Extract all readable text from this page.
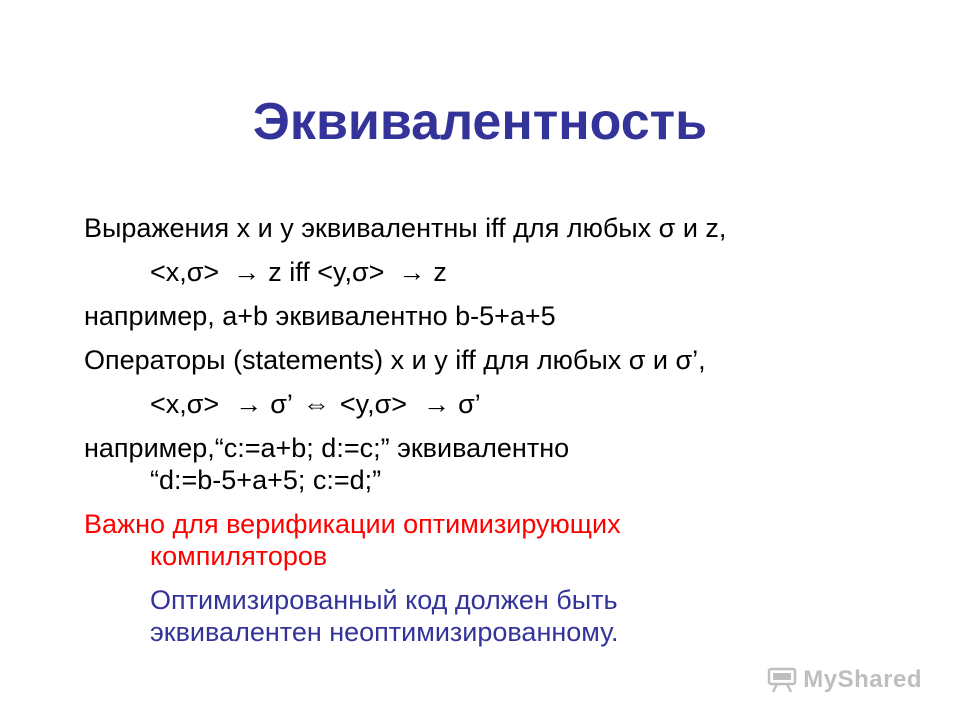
Эквивалентность
Выражения x и y эквивалентны iff для любых σ и z,
<x,σ> → z iff <y,σ> → z
например, a+b эквивалентно b-5+a+5
Операторы (statements) x и y iff для любых σ и σ’,
<x,σ> → σ’ ⇔ <y,σ> → σ’
например,“c:=a+b; d:=c;” эквивалентно
“d:=b-5+a+5; c:=d;”
Важно для верификации оптимизирующих
компиляторов
Оптимизированный код должен быть
эквивалентен неоптимизированному.
MyShared
